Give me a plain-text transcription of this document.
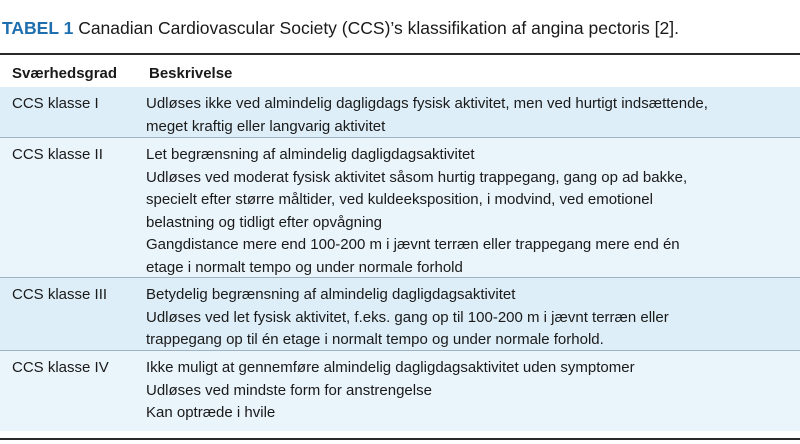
TABEL 1 Canadian Cardiovascular Society (CCS)’s klassifikation af angina pectoris [2].
Sværhedsgrad Beskrivelse
CCS klasse I	Udløses ikke ved almindelig dagligdags fysisk aktivitet, men ved hurtigt indsættende,
meget kraftig eller langvarig aktivitet
CCS klasse II	Let begrænsning af almindelig dagligdagsaktivitet
Udløses ved moderat fysisk aktivitet såsom hurtig trappegang, gang op ad bakke,
specielt efter større måltider, ved kuldeeksposition, i modvind, ved emotionel
belastning og tidligt efter opvågning
Gangdistance mere end 100-200 m i jævnt terræn eller trappegang mere end én
etage i normalt tempo og under normale forhold
CCS klasse III	Betydelig begrænsning af almindelig dagligdagsaktivitet
Udløses ved let fysisk aktivitet, f.eks. gang op til 100-200 m i jævnt terræn eller
trappegang op til én etage i normalt tempo og under normale forhold.
CCS klasse IV Ikke muligt at gennemføre almindelig dagligdagsaktivitet uden symptomer
Udløses ved mindste form for anstrengelse
Kan optræde i hvile
